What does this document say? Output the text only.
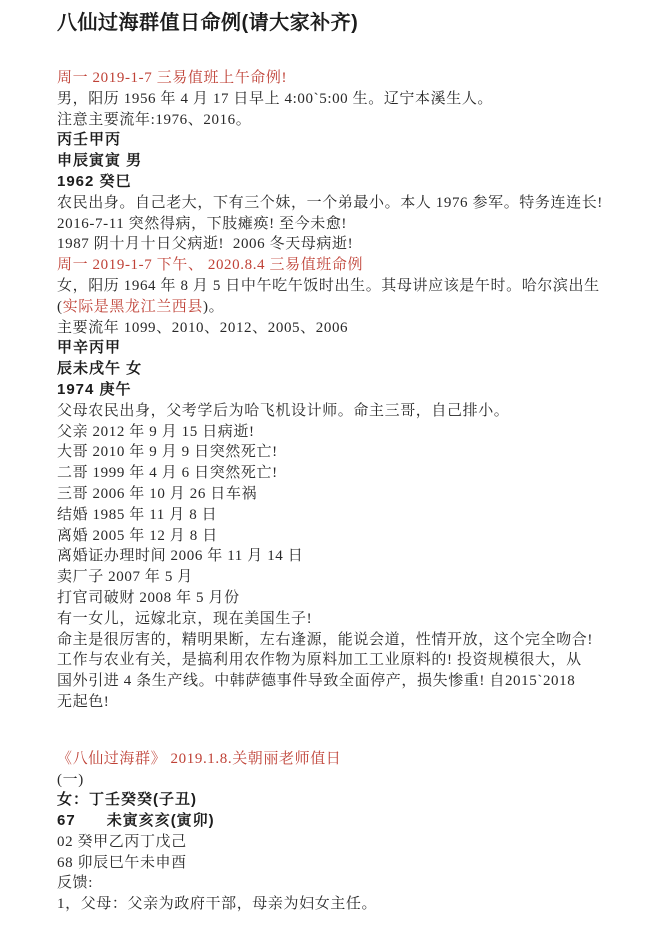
八仙过海群值日命例(请大家补齐)
周一 2019-1-7 三易值班上午命例!
男，阳历 1956 年 4 月 17 日早上 4:00`5:00 生。辽宁本溪生人。
注意主要流年:1976、2016。
丙壬甲丙
申辰寅寅 男
1962 癸巳
农民出身。自己老大，下有三个妹，一个弟最小。本人 1976 参军。特务连连长!
2016-7-11 突然得病，下肢瘫痪! 至今未愈!
1987 阴十月十日父病逝!  2006 冬天母病逝!
周一 2019-1-7 下午、 2020.8.4 三易值班命例
女，阳历 1964 年 8 月 5 日中午吃午饭时出生。其母讲应该是午时。哈尔滨出生
(实际是黑龙江兰西县)。
主要流年 1099、2010、2012、2005、2006
甲辛丙甲
辰未戌午 女
1974 庚午
父母农民出身，父考学后为哈飞机设计师。命主三哥，自己排小。
父亲 2012 年 9 月 15 日病逝!
大哥 2010 年 9 月 9 日突然死亡!
二哥 1999 年 4 月 6 日突然死亡!
三哥 2006 年 10 月 26 日车祸
结婚 1985 年 11 月 8 日
离婚 2005 年 12 月 8 日
离婚证办理时间 2006 年 11 月 14 日
卖厂子 2007 年 5 月
打官司破财 2008 年 5 月份
有一女儿，远嫁北京，现在美国生子!
命主是很厉害的，精明果断，左右逢源，能说会道，性情开放，这个完全吻合!
工作与农业有关，是搞利用农作物为原料加工工业原料的! 投资规模很大，从
国外引进 4 条生产线。中韩萨德事件导致全面停产，损失惨重! 自2015`2018
无起色!
《八仙过海群》 2019.1.8.关朝丽老师值日
(一)
女：丁壬癸癸(子丑)
67      未寅亥亥(寅卯)
02 癸甲乙丙丁戊己
68 卯辰巳午未申酉
反馈:
1，父母：父亲为政府干部，母亲为妇女主任。
